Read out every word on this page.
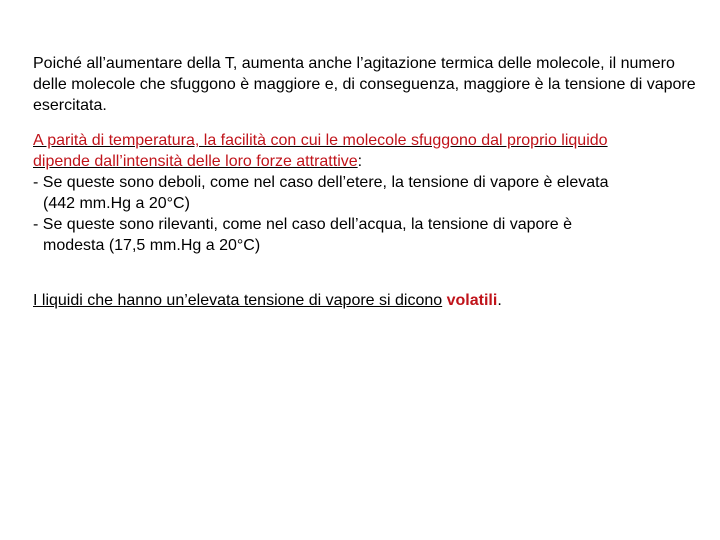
Poiché all’aumentare della T, aumenta anche l’agitazione termica delle molecole, il numero delle molecole che sfuggono è maggiore e, di conseguenza, maggiore è la tensione di vapore esercitata.

A parità di temperatura, la facilità con cui le molecole sfuggono dal proprio liquido
dipende dall’intensità delle loro forze attrattive:
- Se queste sono deboli, come nel caso dell’etere, la tensione di vapore è elevata
(442 mm.Hg a 20°C)
- Se queste sono rilevanti, come nel caso dell’acqua, la tensione di vapore è
modesta (17,5 mm.Hg a 20°C)

I liquidi che hanno un’elevata tensione di vapore si dicono volatili.
